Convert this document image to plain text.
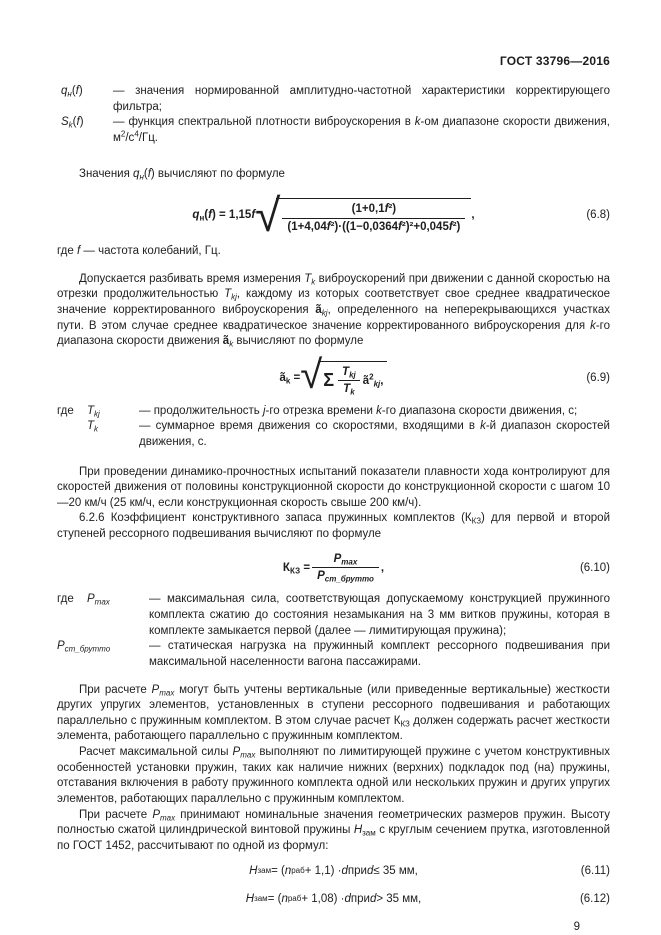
ГОСТ 33796—2016
$q_н(f)$	— значения нормированной амплитудно-частотной характеристики корректирующего фильтра;
$S_k(f)$	— функция спектральной плотности виброускорения в k-ом диапазоне скорости движения, $м^2/с^4/Гц$.

Значения $q_н(f)$ вычисляют по формуле

$q_н(f) = 1,15f$ √ $\frac{\text{(1+0,1f²)}}{\text{(1+4,04f²)·((1−0,0364f²)²+0,045f²)}}$ ,	(6.8)

где f — частота колебаний, Гц.

Допускается разбивать время измерения $T_k$ виброускорений при движении с данной скоростью на отрезки продолжительностью $T_{kj}$, каждому из которых соответствует свое среднее квадратическое значение корректированного виброускорения $ã_{kj}$, определенного на неперекрывающихся участках пути. В этом случае среднее квадратическое значение корректированного виброускорения для k-го диапазона скорости движения $ã_k$ вычисляют по формуле

$ã_k$ = √ Σ $\frac{T_{kj}}{T_k}$ $ã^2_{kj}$,	(6.9)
где	$T_{kj}$	— продолжительность j-го отрезка времени k-го диапазона скорости движения, с;
$T_k$	— суммарное время движения со скоростями, входящими в k-й диапазон скоростей движения, с.

При проведении динамико-прочностных испытаний показатели плавности хода контролируют для скоростей движения от половины конструкционной скорости до конструкционной скорости с шагом 10—20 км/ч (25 км/ч, если конструкционная скорость свыше 200 км/ч).

6.2.6 Коэффициент конструктивного запаса пружинных комплектов $(К_{КЗ})$ для первой и второй ступеней рессорного подвешивания вычисляют по формуле

$К_{КЗ} = \frac{P_{max}}{P_{ст\_брутто}}$ ,	(6.10)
где	$P_{max}$	— максимальная сила, соответствующая допускаемому конструкцией пружинного комплекта сжатию до состояния незамыкания на 3 мм витков пружины, которая в комплекте замыкается первой (далее — лимитирующая пружина);
$P_{ст\_брутто}$	— статическая нагрузка на пружинный комплект рессорного подвешивания при максимальной населенности вагона пассажирами.

При расчете $P_{max}$ могут быть учтены вертикальные (или приведенные вертикальные) жесткости других упругих элементов, установленных в ступени рессорного подвешивания и работающих параллельно с пружинным комплектом. В этом случае расчет $К_{КЗ}$ должен содержать расчет жесткости элемента, работающего параллельно с пружинным комплектом.

Расчет максимальной силы $P_{max}$ выполняют по лимитирующей пружине с учетом конструктивных особенностей установки пружин, таких как наличие нижних (верхних) подкладок под (на) пружины, отставания включения в работу пружинного комплекта одной или нескольких пружин и других упругих элементов, работающих параллельно с пружинным комплектом.

При расчете $P_{max}$ принимают номинальные значения геометрических размеров пружин. Высоту полностью сжатой цилиндрической винтовой пружины $H_{зам}$ с круглым сечением прутка, изготовленной по ГОСТ 1452, рассчитывают по одной из формул:

H зам = ( n раб + 1,1) · d при d ≤ 35 мм,	(6.11)
H зам = ( n раб + 1,08) · d при d > 35 мм,	(6.12)
9
